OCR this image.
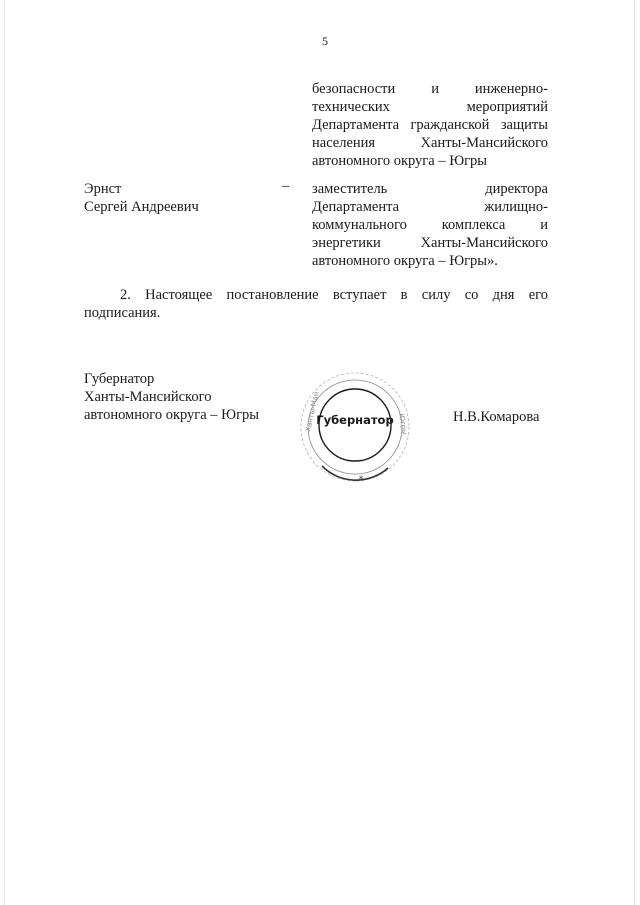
5
безопасности и инженерно-
технических	мероприятий
Департамента гражданской защиты
населения	Ханты-Мансийского
автономного округа – Югры
Эрнст
Сергей Андреевич
– заместитель	директора
Департамента	жилищно-
коммунального комплекса и
энергетики	Ханты-Мансийского
автономного округа – Югры».
2. Настоящее постановление вступает в силу со дня его
подписания.
Губернатор
Ханты-Мансийского
автономного округа – Югры	Н.В.Комарова
Ханты-Ман	Югры
Губернатор
*
